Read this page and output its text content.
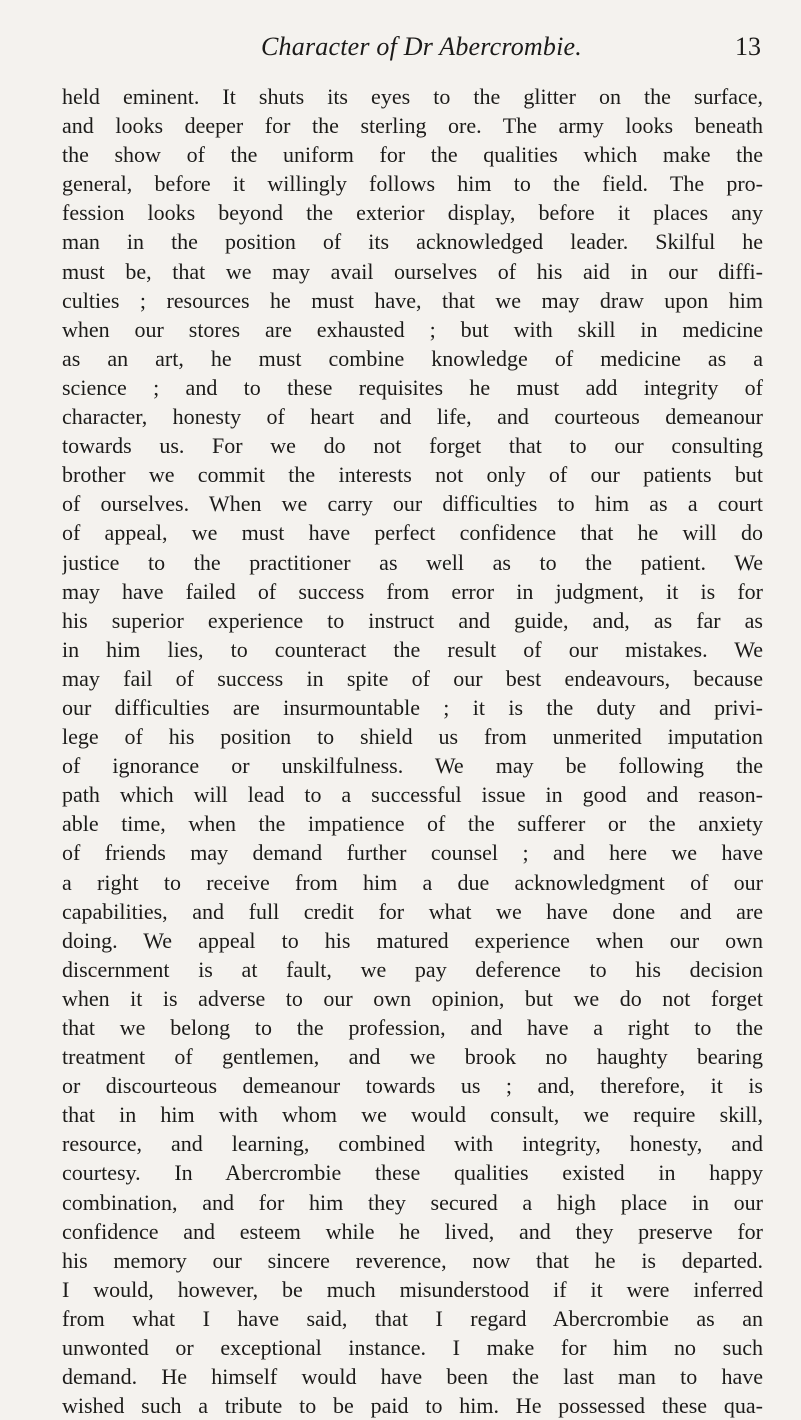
Character of Dr Abercrombie.	13
held eminent. It shuts its eyes to the glitter on the surface,
and looks deeper for the sterling ore. The army looks beneath
the show of the uniform for the qualities which make the
general, before it willingly follows him to the field. The pro-
fession looks beyond the exterior display, before it places any
man in the position of its acknowledged leader. Skilful he
must be, that we may avail ourselves of his aid in our diffi-
culties ; resources he must have, that we may draw upon him
when our stores are exhausted ; but with skill in medicine
as an art, he must combine knowledge of medicine as a
science ; and to these requisites he must add integrity of
character, honesty of heart and life, and courteous demeanour
towards us. For we do not forget that to our consulting
brother we commit the interests not only of our patients but
of ourselves. When we carry our difficulties to him as a court
of appeal, we must have perfect confidence that he will do
justice to the practitioner as well as to the patient. We
may have failed of success from error in judgment, it is for
his superior experience to instruct and guide, and, as far as
in him lies, to counteract the result of our mistakes. We
may fail of success in spite of our best endeavours, because
our difficulties are insurmountable ; it is the duty and privi-
lege of his position to shield us from unmerited imputation
of ignorance or unskilfulness. We may be following the
path which will lead to a successful issue in good and reason-
able time, when the impatience of the sufferer or the anxiety
of friends may demand further counsel ; and here we have
a right to receive from him a due acknowledgment of our
capabilities, and full credit for what we have done and are
doing. We appeal to his matured experience when our own
discernment is at fault, we pay deference to his decision
when it is adverse to our own opinion, but we do not forget
that we belong to the profession, and have a right to the
treatment of gentlemen, and we brook no haughty bearing
or discourteous demeanour towards us ; and, therefore, it is
that in him with whom we would consult, we require skill,
resource, and learning, combined with integrity, honesty, and
courtesy. In Abercrombie these qualities existed in happy
combination, and for him they secured a high place in our
confidence and esteem while he lived, and they preserve for
his memory our sincere reverence, now that he is departed.
I would, however, be much misunderstood if it were inferred
from what I have said, that I regard Abercrombie as an
unwonted or exceptional instance. I make for him no such
demand. He himself would have been the last man to have
wished such a tribute to be paid to him. He possessed these qua-
